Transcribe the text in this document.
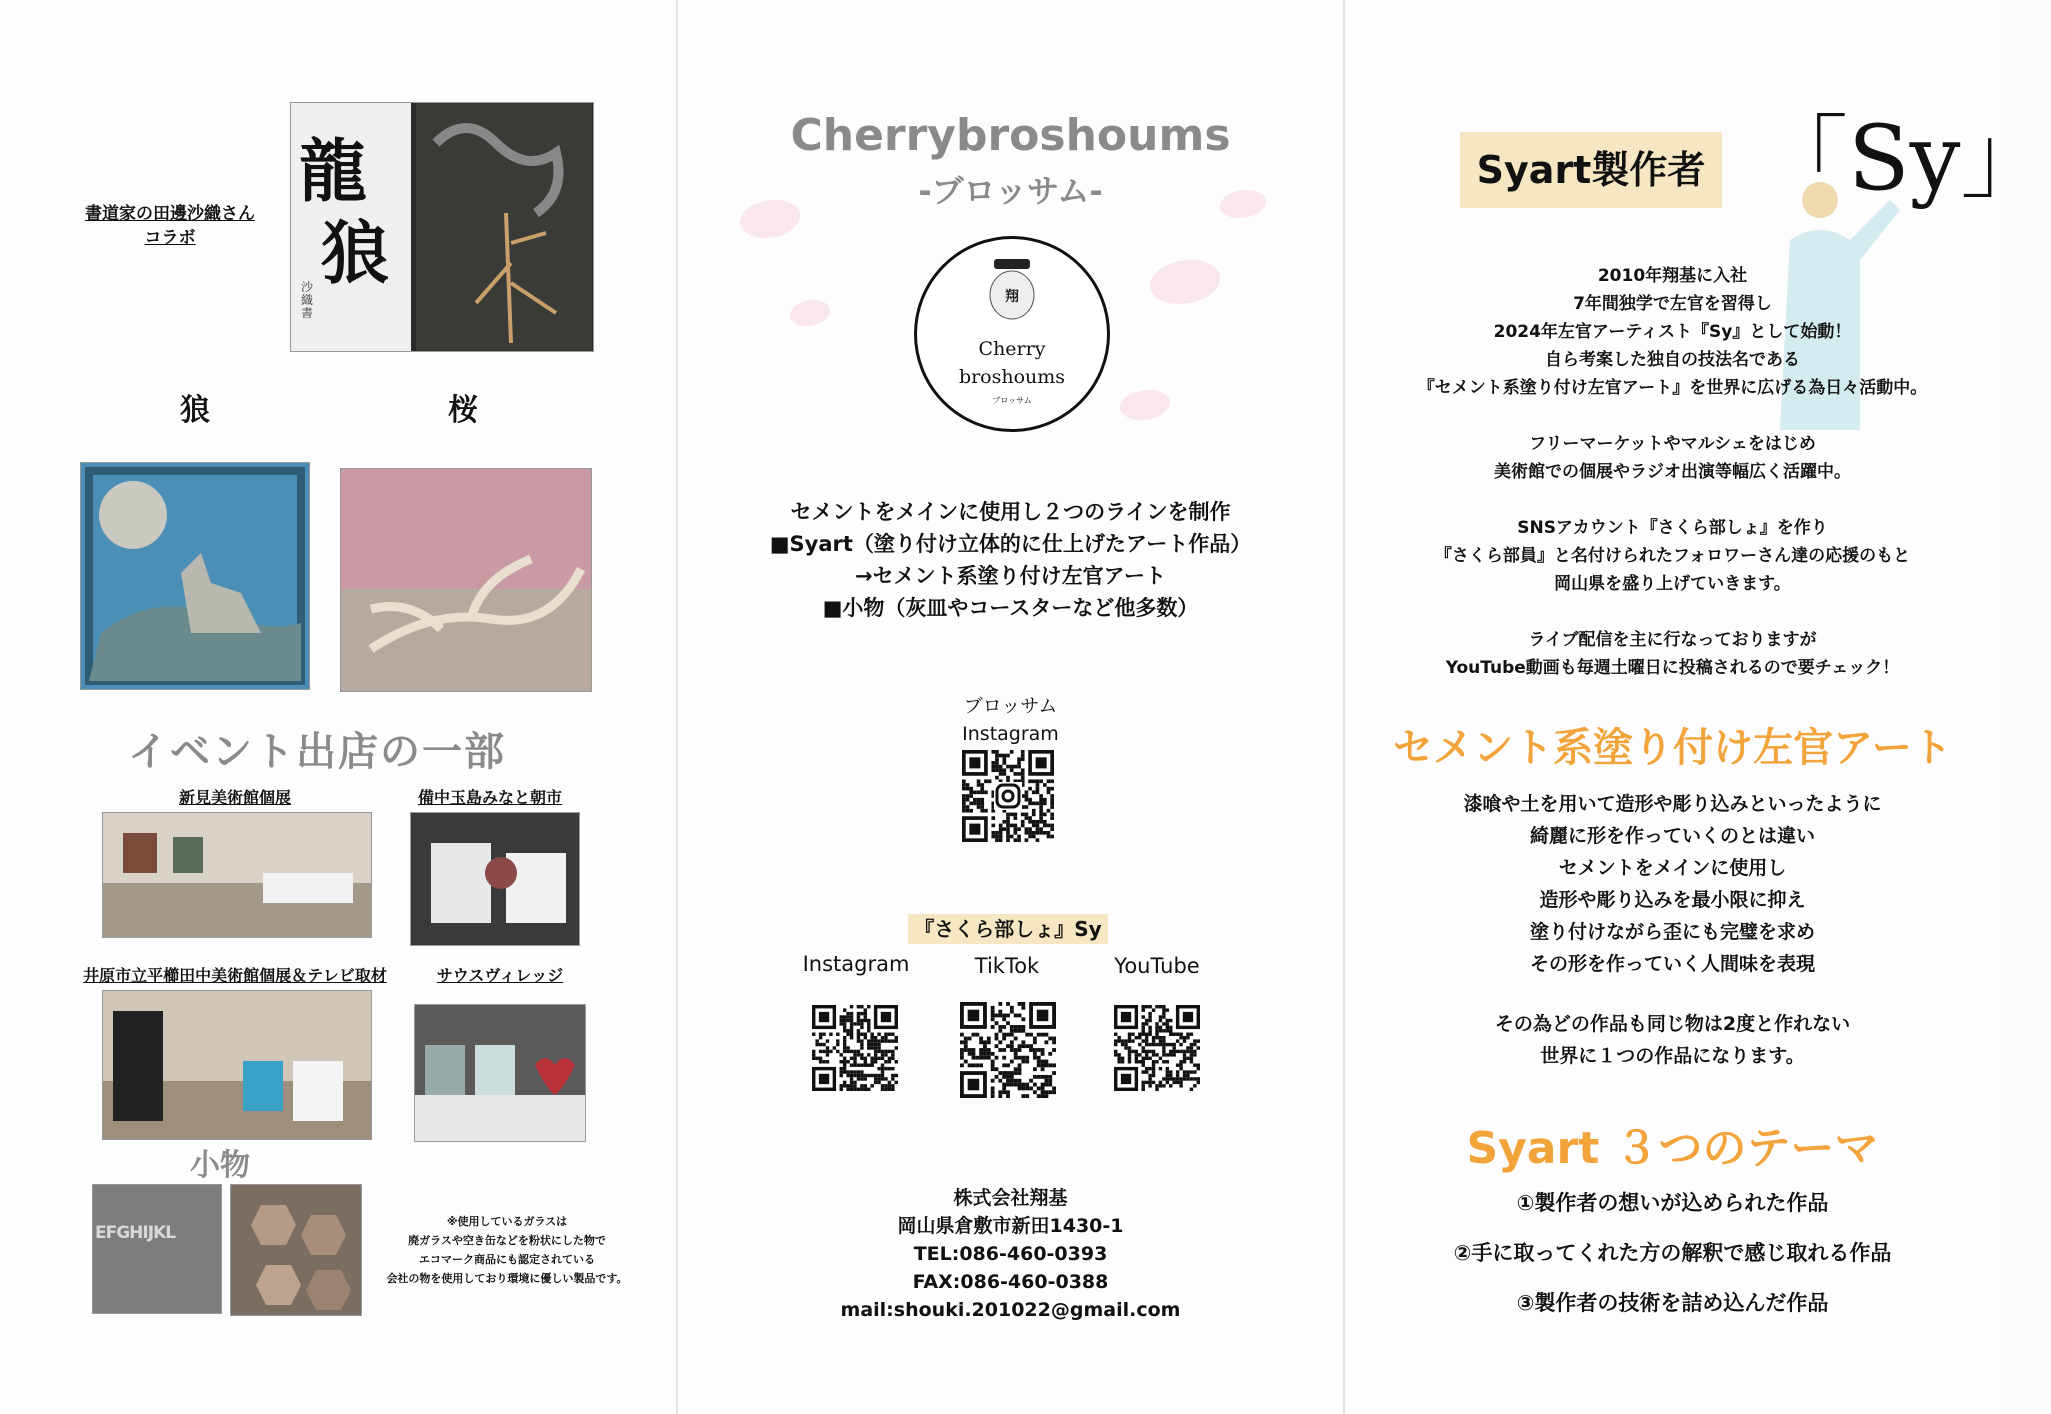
書道家の田邊沙織さん
コラボ
龍
狼
沙織書
狼	桜
イベント出店の一部
新見美術館個展	備中玉島みなと朝市
井原市立平櫛田中美術館個展＆テレビ取材	サウスヴィレッジ
小物
EFGHIJKL
※使用しているガラスは
廃ガラスや空き缶などを粉状にした物で
エコマーク商品にも認定されている
会社の物を使用しており環境に優しい製品です。
Cherrybroshoums
-ブロッサム-
翔
Cherry
broshoums
ブロッサム
セメントをメインに使用し２つのラインを制作
■Syart（塗り付け立体的に仕上げたアート作品）
→セメント系塗り付け左官アート
■小物（灰皿やコースターなど他多数）
ブロッサム
Instagram
『さくら部しょ』Sy
Instagram	TikTok	YouTube
株式会社翔基
岡山県倉敷市新田1430-1
TEL:086-460-0393
FAX:086-460-0388
mail:shouki.201022@gmail.com
Syart製作者 「Sy」
2010年翔基に入社
7年間独学で左官を習得し
2024年左官アーティスト『Sy』として始動！
自ら考案した独自の技法名である
『セメント系塗り付け左官アート』を世界に広げる為日々活動中。
フリーマーケットやマルシェをはじめ
美術館での個展やラジオ出演等幅広く活躍中。
SNSアカウント『さくら部しょ』を作り
『さくら部員』と名付けられたフォロワーさん達の応援のもと
岡山県を盛り上げていきます。
ライブ配信を主に行なっておりますが
YouTube動画も毎週土曜日に投稿されるので要チェック！
セメント系塗り付け左官アート
漆喰や土を用いて造形や彫り込みといったように
綺麗に形を作っていくのとは違い
セメントをメインに使用し
造形や彫り込みを最小限に抑え
塗り付けながら歪にも完璧を求め
その形を作っていく人間味を表現
その為どの作品も同じ物は2度と作れない
世界に１つの作品になります。
Syart ３つのテーマ
①製作者の想いが込められた作品
②手に取ってくれた方の解釈で感じ取れる作品
③製作者の技術を詰め込んだ作品
